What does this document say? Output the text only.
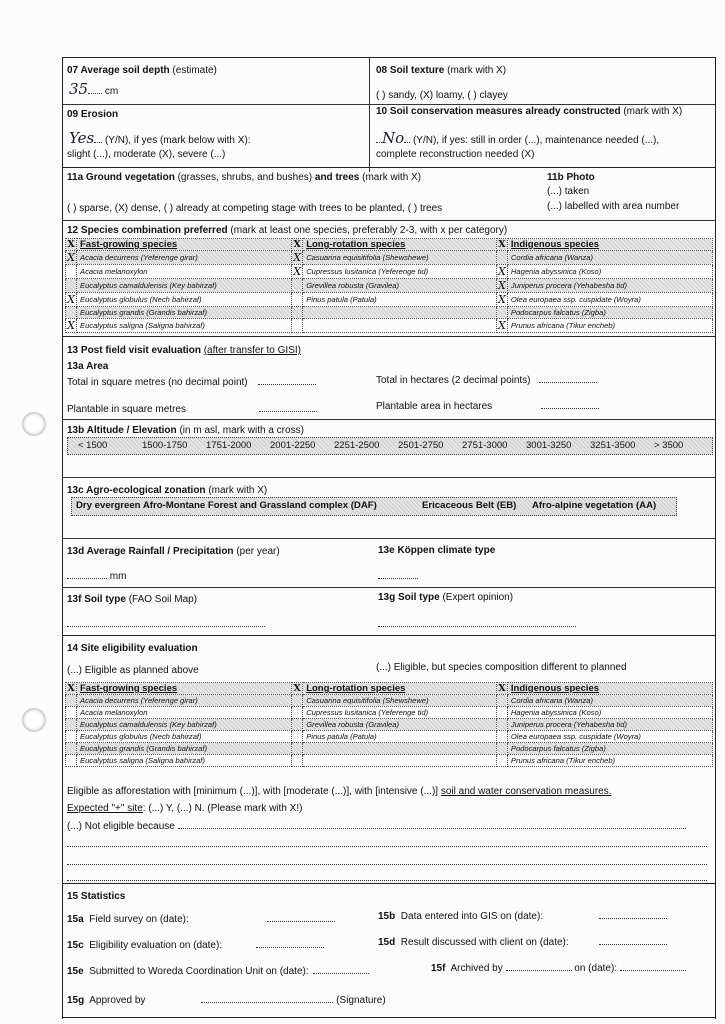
07 Average soil depth (estimate)
35 cm
08 Soil texture (mark with X)
( ) sandy, (X) loamy, ( ) clayey
09 Erosion
Yes (Y/N), if yes (mark below with X):
slight (...), moderate (X), severe (...)
10 Soil conservation measures already constructed (mark with X)
No (Y/N), if yes: still in order (...), maintenance needed (...),
complete reconstruction needed (X)
11a Ground vegetation (grasses, shrubs, and bushes) and trees (mark with X)
( ) sparse, (X) dense, ( ) already at competing stage with trees to be planted, ( ) trees
11b Photo
(...) taken
(...) labelled with area number
12 Species combination preferred (mark at least one species, preferably 2-3, with x per category)
X	Fast-growing species	X	Long-rotation species	X	Indigenous species
X	Acacia decurrens (Yeferenge girar)	X	Casuarina equisitifolia (Shewshewe)		Cordia africana (Wanza)
	Acacia melanoxylon	X	Cupressus lusitanica (Yeferenge tid)	X	Hagenia abyssinica (Koso)
	Eucalyptus camaldulensis (Key bahirzaf)		Grevillea robusta (Gravilea)	X	Juniperus procera (Yehabesha tid)
X	Eucalyptus globulus (Nech bahirzaf)		Pinus patula (Patula)	X	Olea europaea ssp. cuspidate (Woyra)
	Eucalyptus grandis (Grandis bahirzaf)				Podocarpus falcatus (Zigba)
X	Eucalyptus saligna (Saligna bahirzaf)			X	Prunus africana (Tikur encheb)
13 Post field visit evaluation (after transfer to GISI)
13a Area
Total in square metres (no decimal point)	Total in hectares (2 decimal points)
Plantable in square metres	Plantable area in hectares
13b Altitude / Elevation (in m asl, mark with a cross)
< 1500	1500-1750 1751-2000 2001-2250 2251-2500 2501-2750 2751-3000 3001-3250 3251-3500 > 3500
13c Agro-ecological zonation (mark with X)
Dry evergreen Afro-Montane Forest and Grassland complex (DAF)	Ericaceous Belt (EB) Afro-alpine vegetation (AA)
13d Average Rainfall / Precipitation (per year)
mm
13e Köppen climate type
13f Soil type (FAO Soil Map)	13g Soil type (Expert opinion)
14 Site eligibility evaluation
(...) Eligible as planned above	(...) Eligible, but species composition different to planned
X	Fast-growing species	X	Long-rotation species	X	Indigenous species
	Acacia decurrens (Yeferenge girar)		Casuarina equisitifolia (Shewshewe)		Cordia africana (Wanza)
	Acacia melanoxylon		Cupressus lusitanica (Yeferenge tid)		Hagenia abyssinica (Koso)
	Eucalyptus camaldulensis (Key bahirzaf)		Grevillea robusta (Gravilea)		Juniperus procera (Yehabesha tid)
	Eucalyptus globulus (Nech bahirzaf)		Pinus patula (Patula)		Olea europaea ssp. cuspidate (Woyra)
	Eucalyptus grandis (Grandis bahirzaf)				Podocarpus falcatus (Zigba)
	Eucalyptus saligna (Saligna bahirzaf)				Prunus africana (Tikur encheb)
Eligible as afforestation with [minimum (...)], with [moderate (...)], with [intensive (...)] soil and water conservation measures.
Expected "+" site: (...) Y, (...) N. (Please mark with X!)
(...) Not eligible because
15 Statistics
15a Field survey on (date):	15b Data entered into GIS on (date):
15c Eligibility evaluation on (date):	15d Result discussed with client on (date):
15e Submitted to Woreda Coordination Unit on (date):	15f Archived by	on (date):
15g Approved by	(Signature)
